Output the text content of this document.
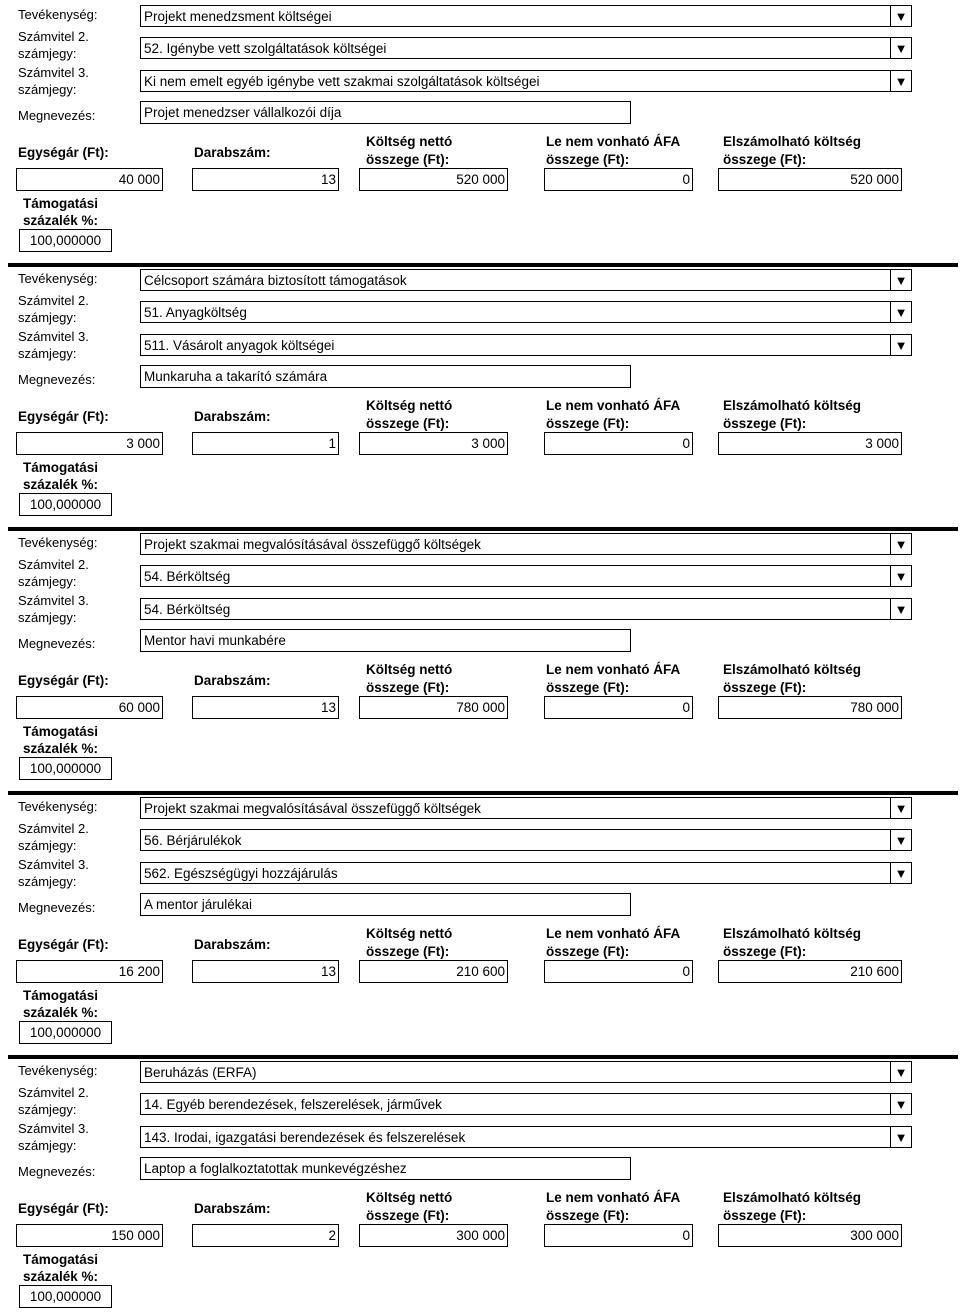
Tevékenység:	Projekt menedzsment költségei	▼
Számvitel 2.
számjegy:	52. Igénybe vett szolgáltatások költségei	▼
Számvitel 3.
számjegy:
Ki nem emelt egyéb igénybe vett szakmai szolgáltatások költségei	▼
Megnevezés:	Projet menedzser vállalkozói díja
Egységár (Ft):	Darabszám:
Költség nettó
összege (Ft):
Le nem vonható ÁFA
összege (Ft):
Elszámolható költség
összege (Ft):
40 000	13	520 000	0	520 000
Támogatási
százalék %:
100,000000
Tevékenység:	Célcsoport számára biztosított támogatások	▼
Számvitel 2.
számjegy:	51. Anyagköltség	▼
Számvitel 3.
számjegy:
511. Vásárolt anyagok költségei	▼
Megnevezés:	Munkaruha a takarító számára
Egységár (Ft):	Darabszám:
Költség nettó
összege (Ft):
Le nem vonható ÁFA
összege (Ft):
Elszámolható költség
összege (Ft):
3 000	1	3 000	0	3 000
Támogatási
százalék %:
100,000000
Tevékenység:	Projekt szakmai megvalósításával összefüggő költségek	▼
Számvitel 2.
számjegy:	54. Bérköltség	▼
Számvitel 3.
számjegy:
54. Bérköltség	▼
Megnevezés:	Mentor havi munkabére
Egységár (Ft):	Darabszám:
Költség nettó
összege (Ft):
Le nem vonható ÁFA
összege (Ft):
Elszámolható költség
összege (Ft):
60 000	13	780 000	0	780 000
Támogatási
százalék %:
100,000000
Tevékenység:	Projekt szakmai megvalósításával összefüggő költségek	▼
Számvitel 2.
számjegy:	56. Bérjárulékok	▼
Számvitel 3.
számjegy:
562. Egészségügyi hozzájárulás	▼
Megnevezés:	A mentor járulékai
Egységár (Ft):	Darabszám:
Költség nettó
összege (Ft):
Le nem vonható ÁFA
összege (Ft):
Elszámolható költség
összege (Ft):
16 200	13	210 600	0	210 600
Támogatási
százalék %:
100,000000
Tevékenység:	Beruházás (ERFA)	▼
Számvitel 2.
számjegy:	14. Egyéb berendezések, felszerelések, járművek	▼
Számvitel 3.
számjegy:
143. Irodai, igazgatási berendezések és felszerelések	▼
Megnevezés:	Laptop a foglalkoztatottak munkevégzéshez
Egységár (Ft):	Darabszám:
Költség nettó
összege (Ft):
Le nem vonható ÁFA
összege (Ft):
Elszámolható költség
összege (Ft):
150 000	2	300 000	0	300 000
Támogatási
százalék %:
100,000000
